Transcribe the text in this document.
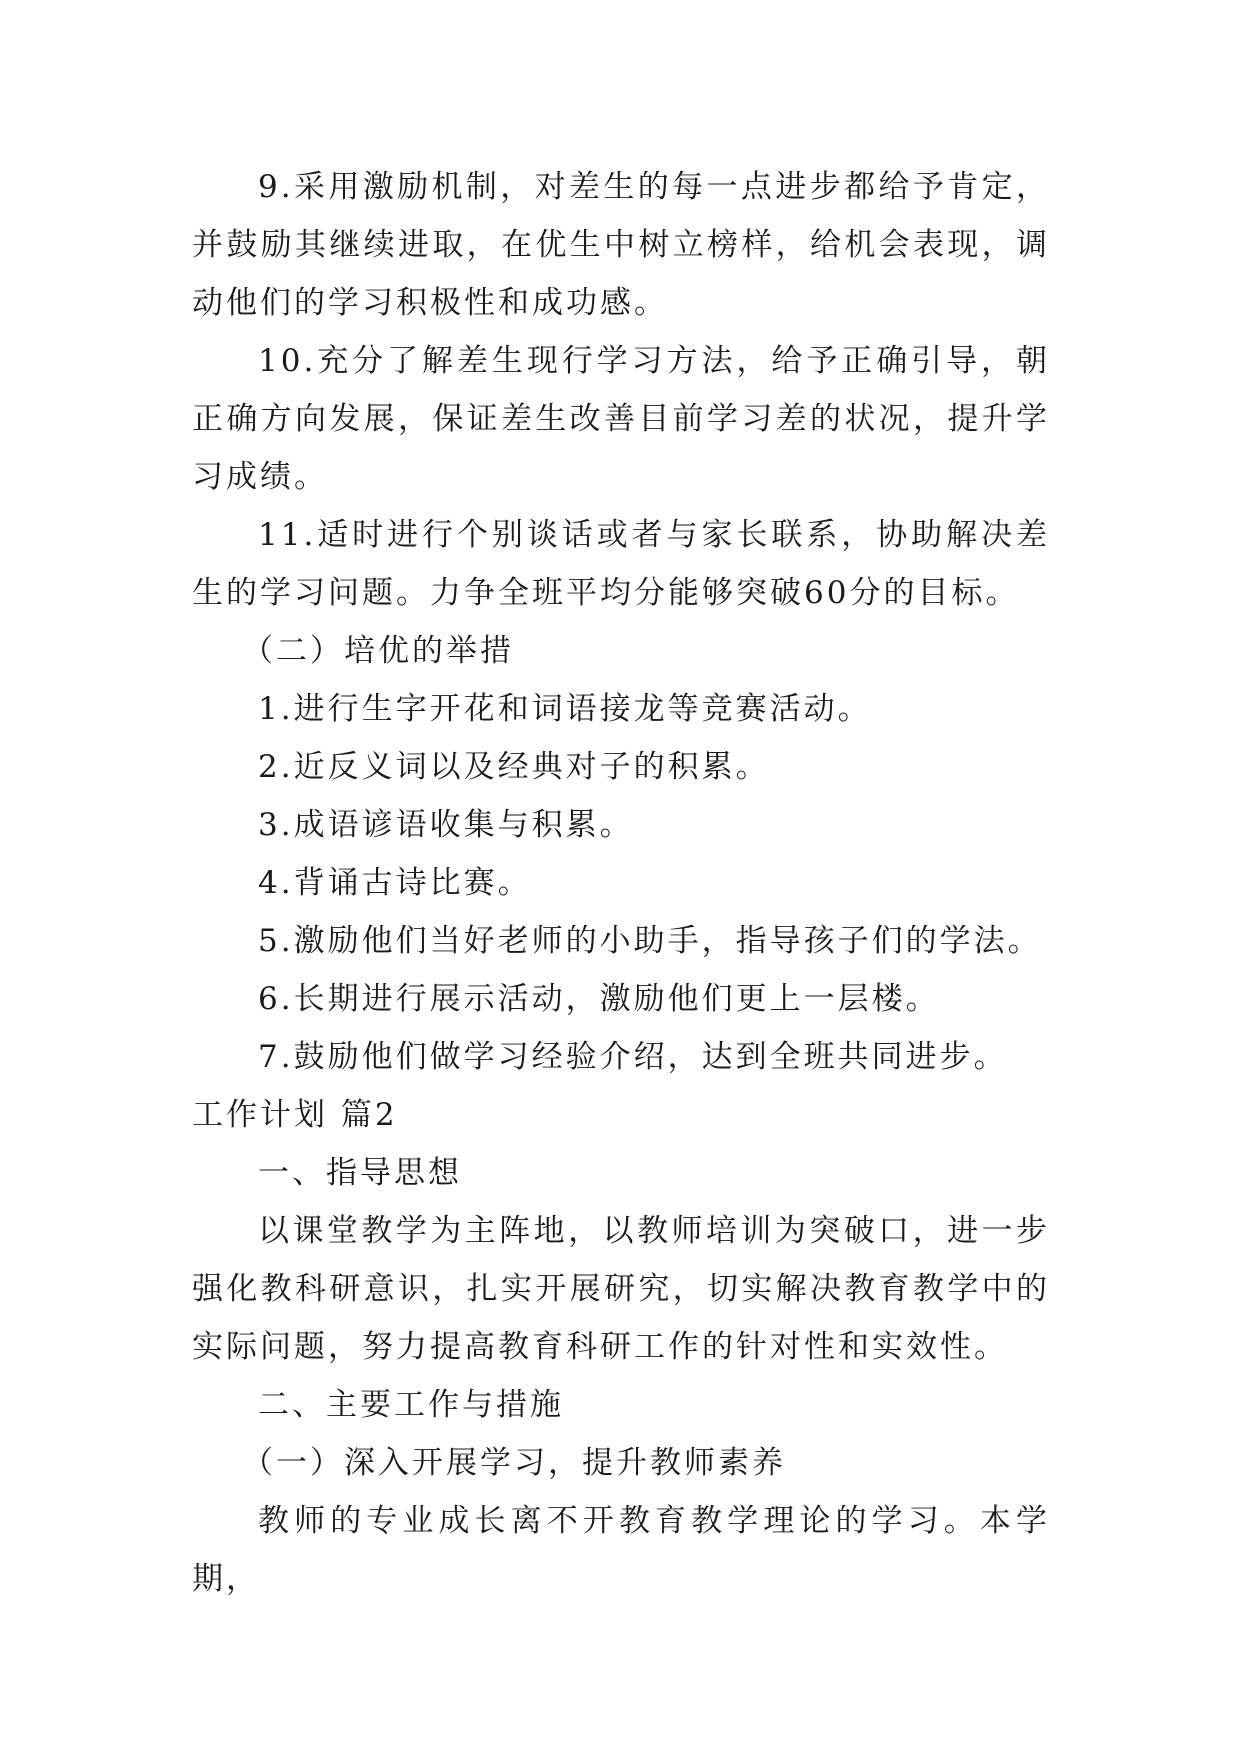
9.采用激励机制，对差生的每一点进步都给予肯定，并鼓励其继续进取，在优生中树立榜样，给机会表现，调动他们的学习积极性和成功感。

10.充分了解差生现行学习方法，给予正确引导，朝正确方向发展，保证差生改善目前学习差的状况，提升学习成绩。

11.适时进行个别谈话或者与家长联系，协助解决差生的学习问题。力争全班平均分能够突破60分的目标。

（二）培优的举措

1.进行生字开花和词语接龙等竞赛活动。

2.近反义词以及经典对子的积累。

3.成语谚语收集与积累。

4.背诵古诗比赛。

5.激励他们当好老师的小助手，指导孩子们的学法。

6.长期进行展示活动，激励他们更上一层楼。

7.鼓励他们做学习经验介绍，达到全班共同进步。

工作计划 篇2

一、指导思想

以课堂教学为主阵地，以教师培训为突破口，进一步强化教科研意识，扎实开展研究，切实解决教育教学中的实际问题，努力提高教育科研工作的针对性和实效性。

二、主要工作与措施

（一）深入开展学习，提升教师素养

教师的专业成长离不开教育教学理论的学习。本学期，
